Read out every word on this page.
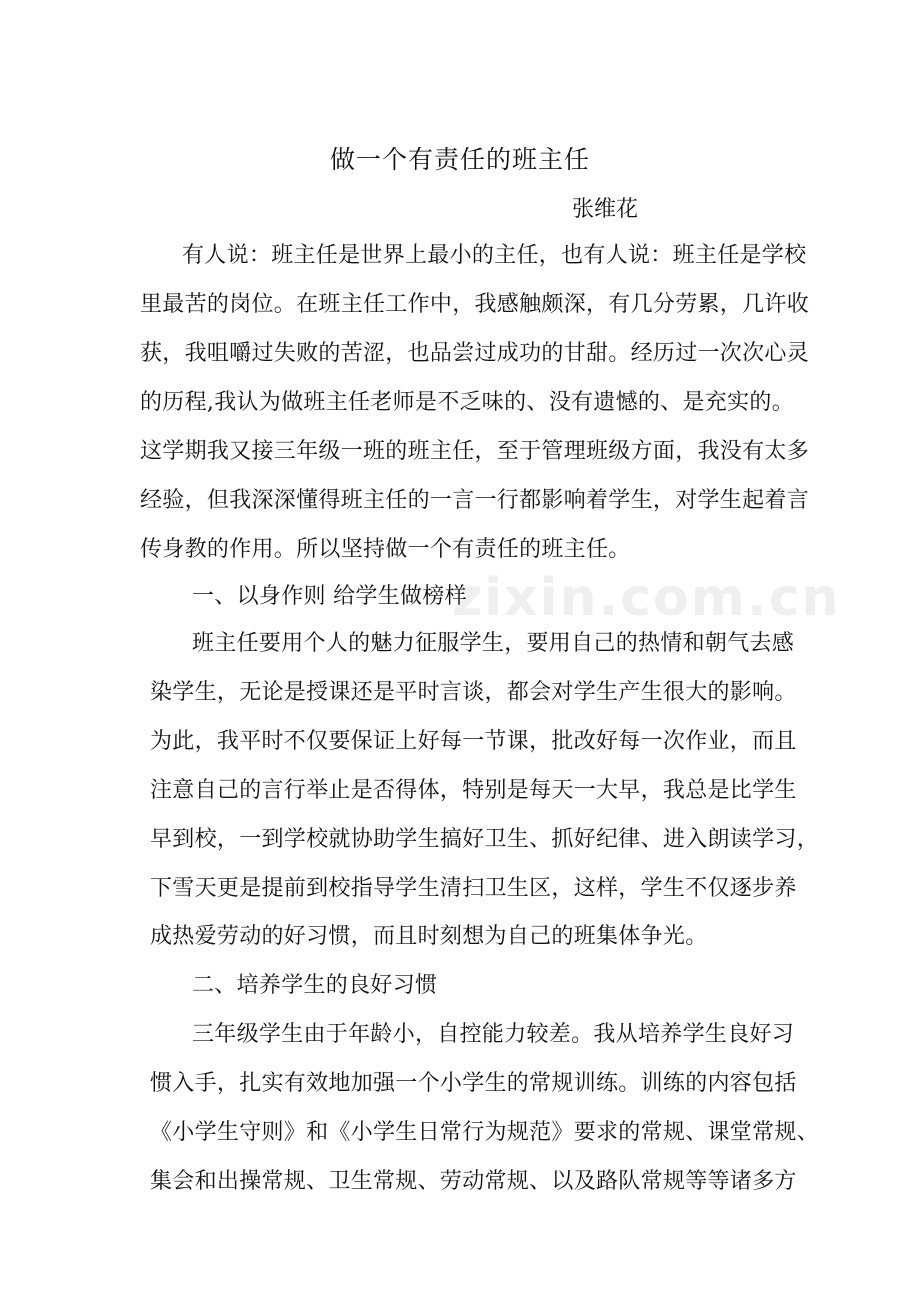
zixin.com.cn
做一个有责任的班主任
张维花
有人说：班主任是世界上最小的主任，也有人说：班主任是学校
里最苦的岗位。在班主任工作中，我感触颇深，有几分劳累，几许收
获，我咀嚼过失败的苦涩，也品尝过成功的甘甜。经历过一次次心灵
的历程,我认为做班主任老师是不乏味的、没有遗憾的、是充实的。
这学期我又接三年级一班的班主任，至于管理班级方面，我没有太多
经验，但我深深懂得班主任的一言一行都影响着学生，对学生起着言
传身教的作用。所以坚持做一个有责任的班主任。
一、以身作则 给学生做榜样
班主任要用个人的魅力征服学生，要用自己的热情和朝气去感
染学生，无论是授课还是平时言谈，都会对学生产生很大的影响。
为此，我平时不仅要保证上好每一节课，批改好每一次作业，而且
注意自己的言行举止是否得体，特别是每天一大早，我总是比学生
早到校，一到学校就协助学生搞好卫生、抓好纪律、进入朗读学习，
下雪天更是提前到校指导学生清扫卫生区，这样，学生不仅逐步养
成热爱劳动的好习惯，而且时刻想为自己的班集体争光。
二、培养学生的良好习惯
三年级学生由于年龄小，自控能力较差。我从培养学生良好习
惯入手，扎实有效地加强一个小学生的常规训练。训练的内容包括
《小学生守则》和《小学生日常行为规范》要求的常规、课堂常规、
集会和出操常规、卫生常规、劳动常规、以及路队常规等等诸多方
